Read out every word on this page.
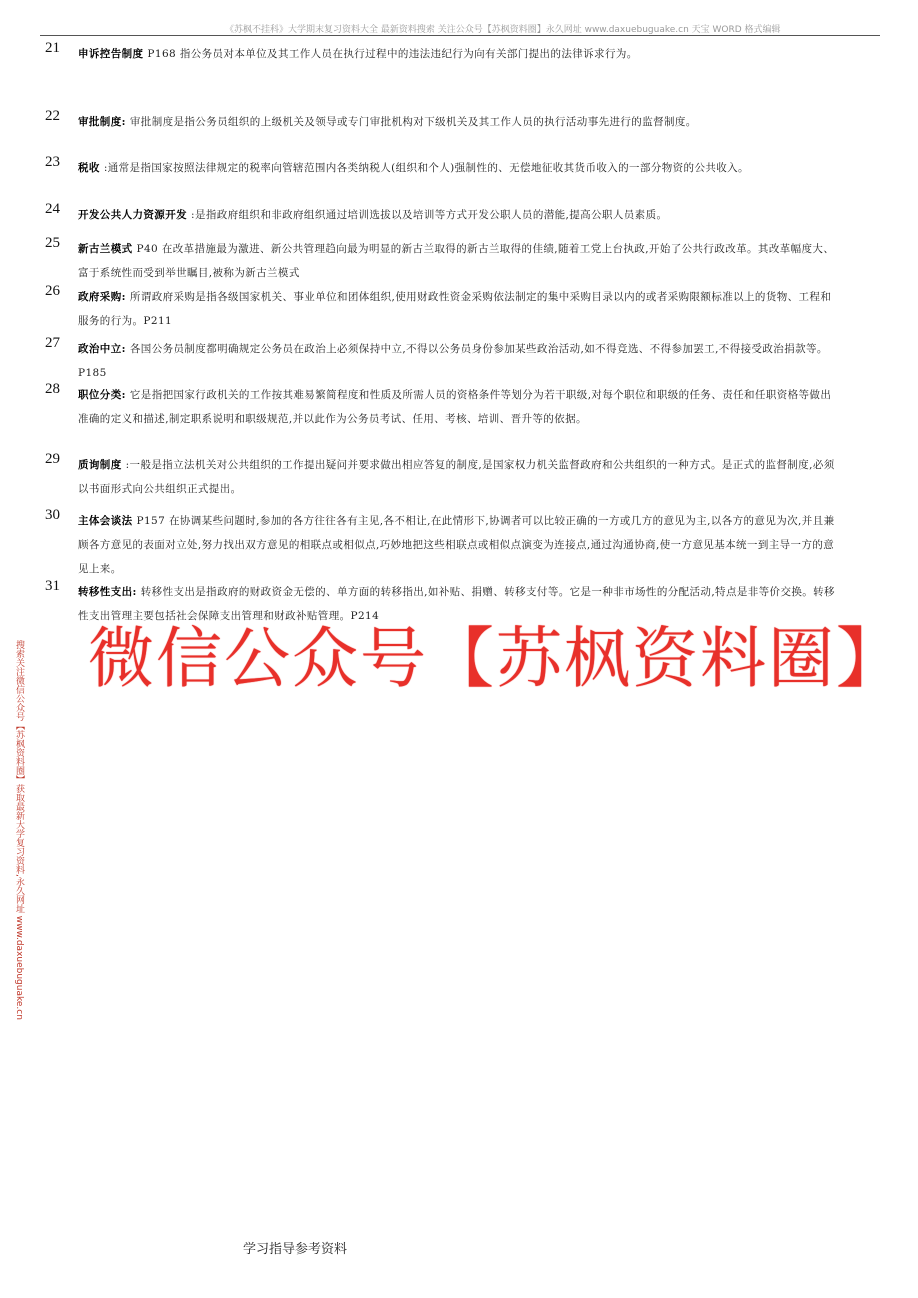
《苏枫不挂科》大学期末复习资料大全 最新资料搜索 关注公众号【苏枫资料圈】永久网址 www.daxuebuguake.cn 天宝 WORD 格式编辑
21	申诉控告制度 P168 指公务员对本单位及其工作人员在执行过程中的违法违纪行为向有关部门提出的法律诉求行为。
22	审批制度: 审批制度是指公务员组织的上级机关及领导或专门审批机构对下级机关及其工作人员的执行活动事先进行的监督制度。
23	税收 :通常是指国家按照法律规定的税率向管辖范围内各类纳税人(组织和个人)强制性的、无偿地征收其货币收入的一部分物资的公共收入。
24	开发公共人力资源开发 :是指政府组织和非政府组织通过培训选拔以及培训等方式开发公职人员的潜能,提高公职人员素质。
25	新古兰模式 P40 在改革措施最为激进、新公共管理趋向最为明显的新古兰取得的新古兰取得的佳绩,随着工党上台执政,开始了公共行政改革。其改革幅度大、富于系统性而受到举世瞩目,被称为新古兰模式
26	政府采购: 所谓政府采购是指各级国家机关、事业单位和团体组织,使用财政性资金采购依法制定的集中采购目录以内的或者采购限额标准以上的货物、工程和服务的行为。P211
27	政治中立: 各国公务员制度都明确规定公务员在政治上必须保持中立,不得以公务员身份参加某些政治活动,如不得竞选、不得参加罢工,不得接受政治捐款等。P185
28	职位分类: 它是指把国家行政机关的工作按其难易繁简程度和性质及所需人员的资格条件等划分为若干职级,对每个职位和职级的任务、责任和任职资格等做出准确的定义和描述,制定职系说明和职级规范,并以此作为公务员考试、任用、考核、培训、晋升等的依据。
29	质询制度 :一般是指立法机关对公共组织的工作提出疑问并要求做出相应答复的制度,是国家权力机关监督政府和公共组织的一种方式。是正式的监督制度,必须以书面形式向公共组织正式提出。
30	主体会谈法 P157 在协调某些问题时,参加的各方往往各有主见,各不相让,在此情形下,协调者可以比较正确的一方或几方的意见为主,以各方的意见为次,并且兼顾各方意见的表面对立处,努力找出双方意见的相联点或相似点,巧妙地把这些相联点或相似点演变为连接点,通过沟通协商,使一方意见基本统一到主导一方的意见上来。
31	转移性支出: 转移性支出是指政府的财政资金无偿的、单方面的转移指出,如补贴、捐赠、转移支付等。它是一种非市场性的分配活动,特点是非等价交换。转移性支出管理主要包括社会保障支出管理和财政补贴管理。P214
微信公众号【苏枫资料圈】
搜索关注微信公众号【苏枫资料圈】获取最新大学复习资料,永久网址 www.daxuebuguake.cn
学习指导参考资料
